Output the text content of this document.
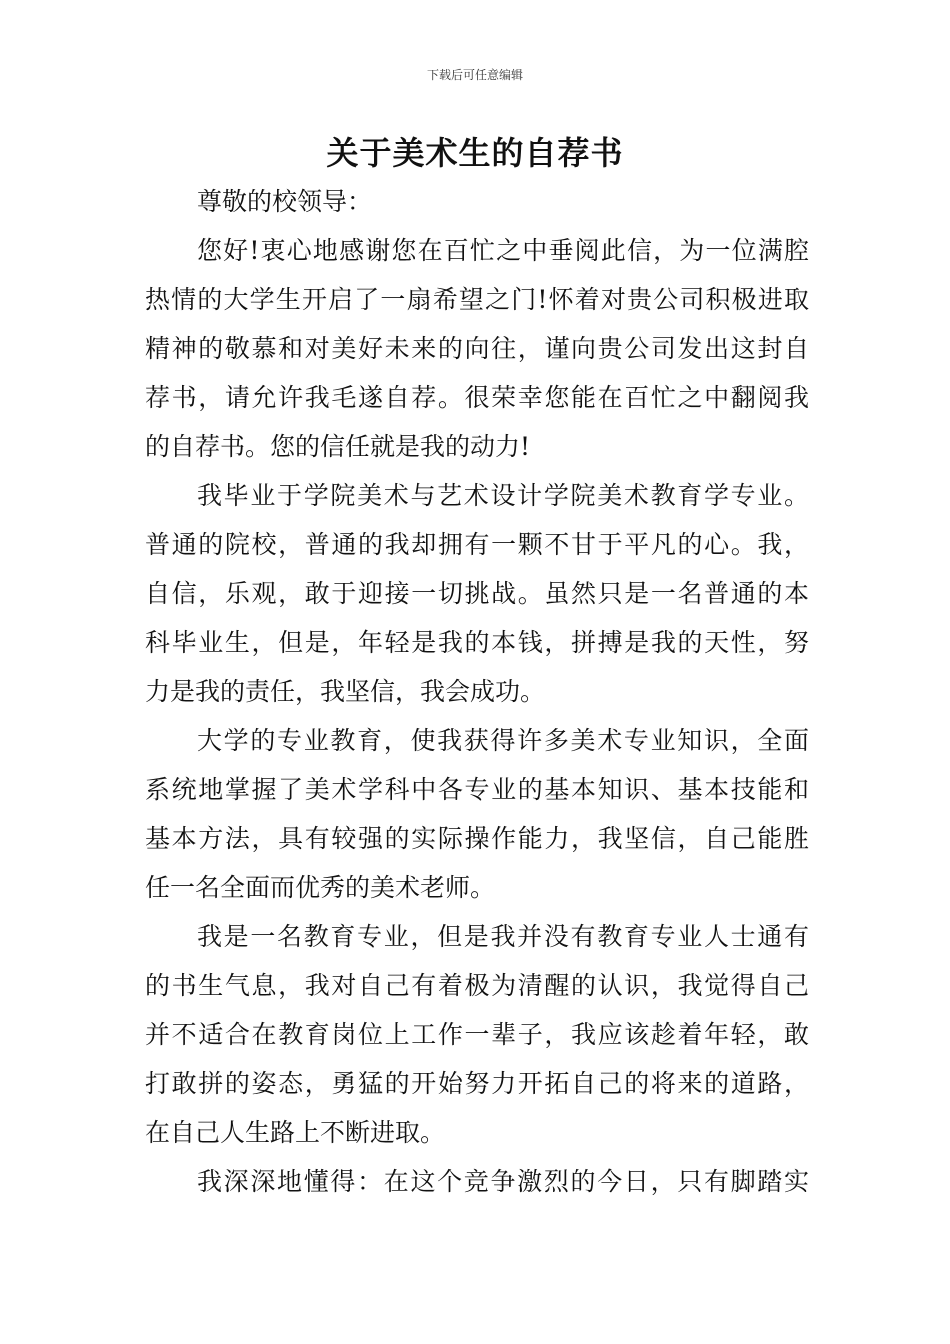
下载后可任意编辑
关于美术生的自荐书
尊敬的校领导：
您好!衷心地感谢您在百忙之中垂阅此信，为一位满腔
热情的大学生开启了一扇希望之门!怀着对贵公司积极进取
精神的敬慕和对美好未来的向往，谨向贵公司发出这封自
荐书，请允许我毛遂自荐。很荣幸您能在百忙之中翻阅我
的自荐书。您的信任就是我的动力!
我毕业于学院美术与艺术设计学院美术教育学专业。
普通的院校，普通的我却拥有一颗不甘于平凡的心。我，
自信，乐观，敢于迎接一切挑战。虽然只是一名普通的本
科毕业生，但是，年轻是我的本钱，拼搏是我的天性，努
力是我的责任，我坚信，我会成功。
大学的专业教育，使我获得许多美术专业知识，全面
系统地掌握了美术学科中各专业的基本知识、基本技能和
基本方法，具有较强的实际操作能力，我坚信，自己能胜
任一名全面而优秀的美术老师。
我是一名教育专业，但是我并没有教育专业人士通有
的书生气息，我对自己有着极为清醒的认识，我觉得自己
并不适合在教育岗位上工作一辈子，我应该趁着年轻，敢
打敢拼的姿态，勇猛的开始努力开拓自己的将来的道路，
在自己人生路上不断进取。
我深深地懂得：在这个竞争激烈的今日，只有脚踏实
